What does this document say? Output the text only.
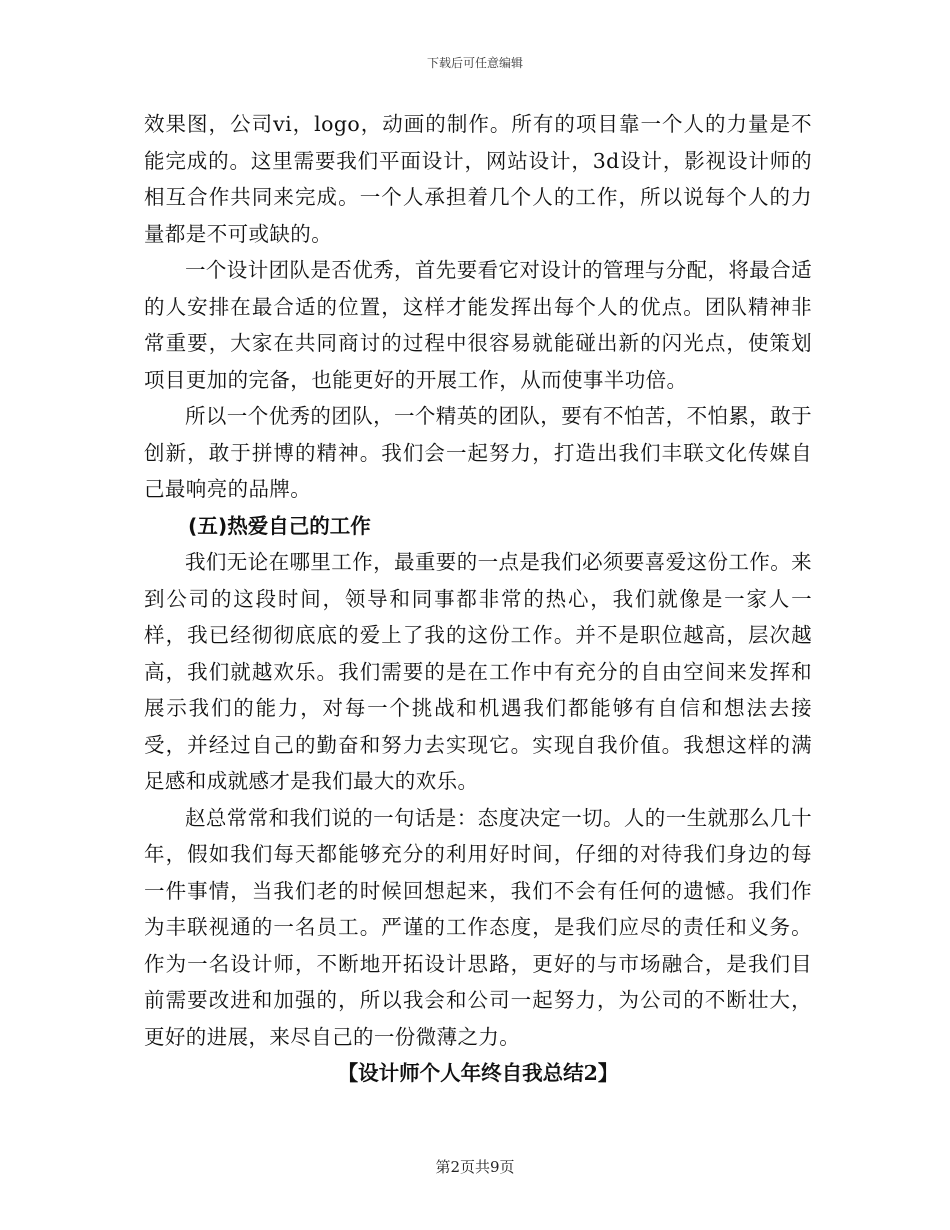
下载后可任意编辑

效果图，公司vi，logo，动画的制作。所有的项目靠一个人的力量是不能完成的。这里需要我们平面设计，网站设计，3d设计，影视设计师的相互合作共同来完成。一个人承担着几个人的工作，所以说每个人的力量都是不可或缺的。

一个设计团队是否优秀，首先要看它对设计的管理与分配，将最合适的人安排在最合适的位置，这样才能发挥出每个人的优点。团队精神非常重要，大家在共同商讨的过程中很容易就能碰出新的闪光点，使策划项目更加的完备，也能更好的开展工作，从而使事半功倍。

所以一个优秀的团队，一个精英的团队，要有不怕苦，不怕累，敢于创新，敢于拼博的精神。我们会一起努力，打造出我们丰联文化传媒自己最响亮的品牌。

(五)热爱自己的工作

我们无论在哪里工作，最重要的一点是我们必须要喜爱这份工作。来到公司的这段时间，领导和同事都非常的热心，我们就像是一家人一样，我已经彻彻底底的爱上了我的这份工作。并不是职位越高，层次越高，我们就越欢乐。我们需要的是在工作中有充分的自由空间来发挥和展示我们的能力，对每一个挑战和机遇我们都能够有自信和想法去接受，并经过自己的勤奋和努力去实现它。实现自我价值。我想这样的满足感和成就感才是我们最大的欢乐。

赵总常常和我们说的一句话是：态度决定一切。人的一生就那么几十年，假如我们每天都能够充分的利用好时间，仔细的对待我们身边的每一件事情，当我们老的时候回想起来，我们不会有任何的遗憾。我们作为丰联视通的一名员工。严谨的工作态度，是我们应尽的责任和义务。作为一名设计师，不断地开拓设计思路，更好的与市场融合，是我们目前需要改进和加强的，所以我会和公司一起努力，为公司的不断壮大，更好的进展，来尽自己的一份微薄之力。

【设计师个人年终自我总结2】

第2页共9页
